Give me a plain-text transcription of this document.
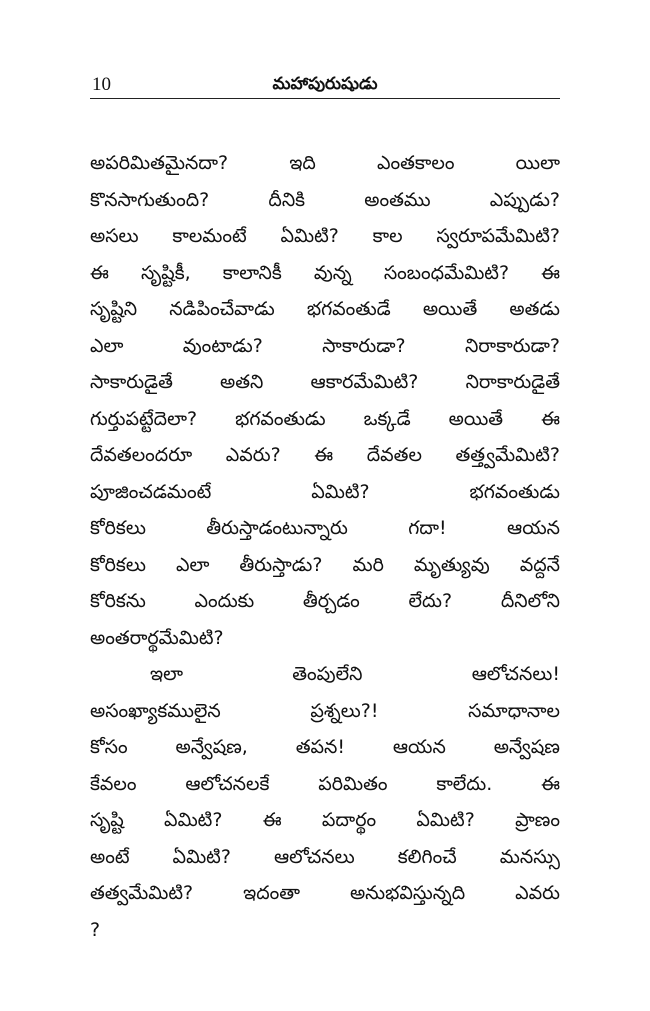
10	మహాపురుషుడు
అపరిమితమైనదా? ఇది ఎంతకాలం యిలా
కొనసాగుతుంది? దీనికి అంతము ఎప్పుడు?
అసలు కాలమంటే ఏమిటి? కాల స్వరూపమేమిటి?
ఈ సృష్టికీ, కాలానికీ వున్న సంబంధమేమిటి? ఈ
సృష్టిని నడిపించేవాడు భగవంతుడే అయితే అతడు
ఎలా వుంటాడు? సాకారుడా? నిరాకారుడా?
సాకారుడైతే అతని ఆకారమేమిటి? నిరాకారుడైతే
గుర్తుపట్టేదెలా? భగవంతుడు ఒక్కడే అయితే ఈ
దేవతలందరూ ఎవరు? ఈ దేవతల తత్త్వమేమిటి?
పూజించడమంటే ఏమిటి? భగవంతుడు
కోరికలు తీరుస్తాడంటున్నారు గదా! ఆయన
కోరికలు ఎలా తీరుస్తాడు? మరి మృత్యువు వద్దనే
కోరికను ఎందుకు తీర్చడం లేదు? దీనిలోని
అంతరార్థమేమిటి?
ఇలా తెంపులేని ఆలోచనలు!
అసంఖ్యాకములైన ప్రశ్నలు?! సమాధానాల
కోసం అన్వేషణ, తపన! ఆయన అన్వేషణ
కేవలం ఆలోచనలకే పరిమితం కాలేదు. ఈ
సృష్టి ఏమిటి? ఈ పదార్థం ఏమిటి? ప్రాణం
అంటే ఏమిటి? ఆలోచనలు కలిగించే మనస్సు
తత్వమేమిటి? ఇదంతా అనుభవిస్తున్నది ఎవరు
?
